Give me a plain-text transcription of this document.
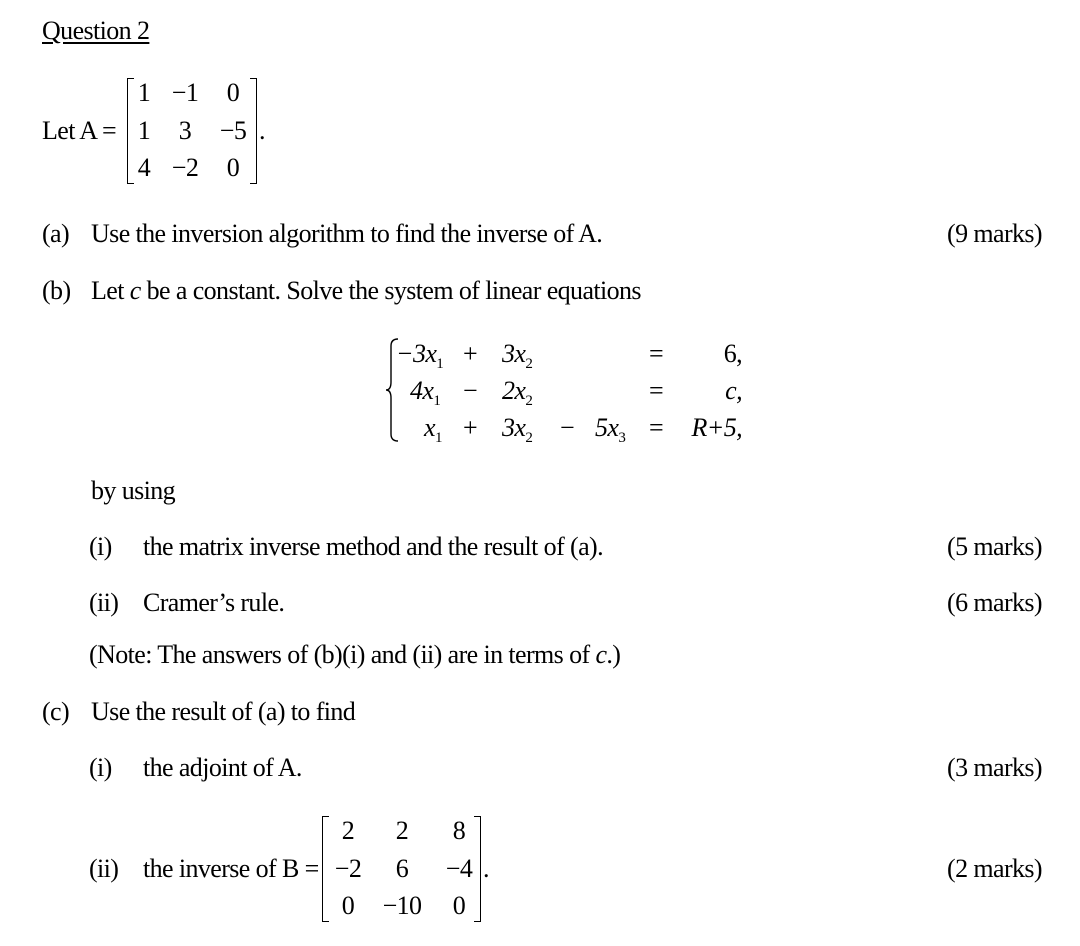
Question 2
Let A =
1 −1	0
1	3	−5
4 −2	0
.
(a) Use the inversion algorithm to find the inverse of A.	(9 marks)
(b) Let c be a constant. Solve the system of linear equations
$-3x_1 + 3x_2$	= 6,
$4x_1 - 2x_2$	= c,
$x_1 + 3x_2 - 5x_3 = R+5$,
by using
(i) the matrix inverse method and the result of (a).	(5 marks)
(ii) Cramer’s rule.	(6 marks)
(Note: The answers of (b)(i) and (ii) are in terms of c.)
(c) Use the result of (a) to find
(i) the adjoint of A.	(3 marks)
(ii) the inverse of B =
2	2	8
−2	6	−4
0	−10	0
.	(2 marks)
